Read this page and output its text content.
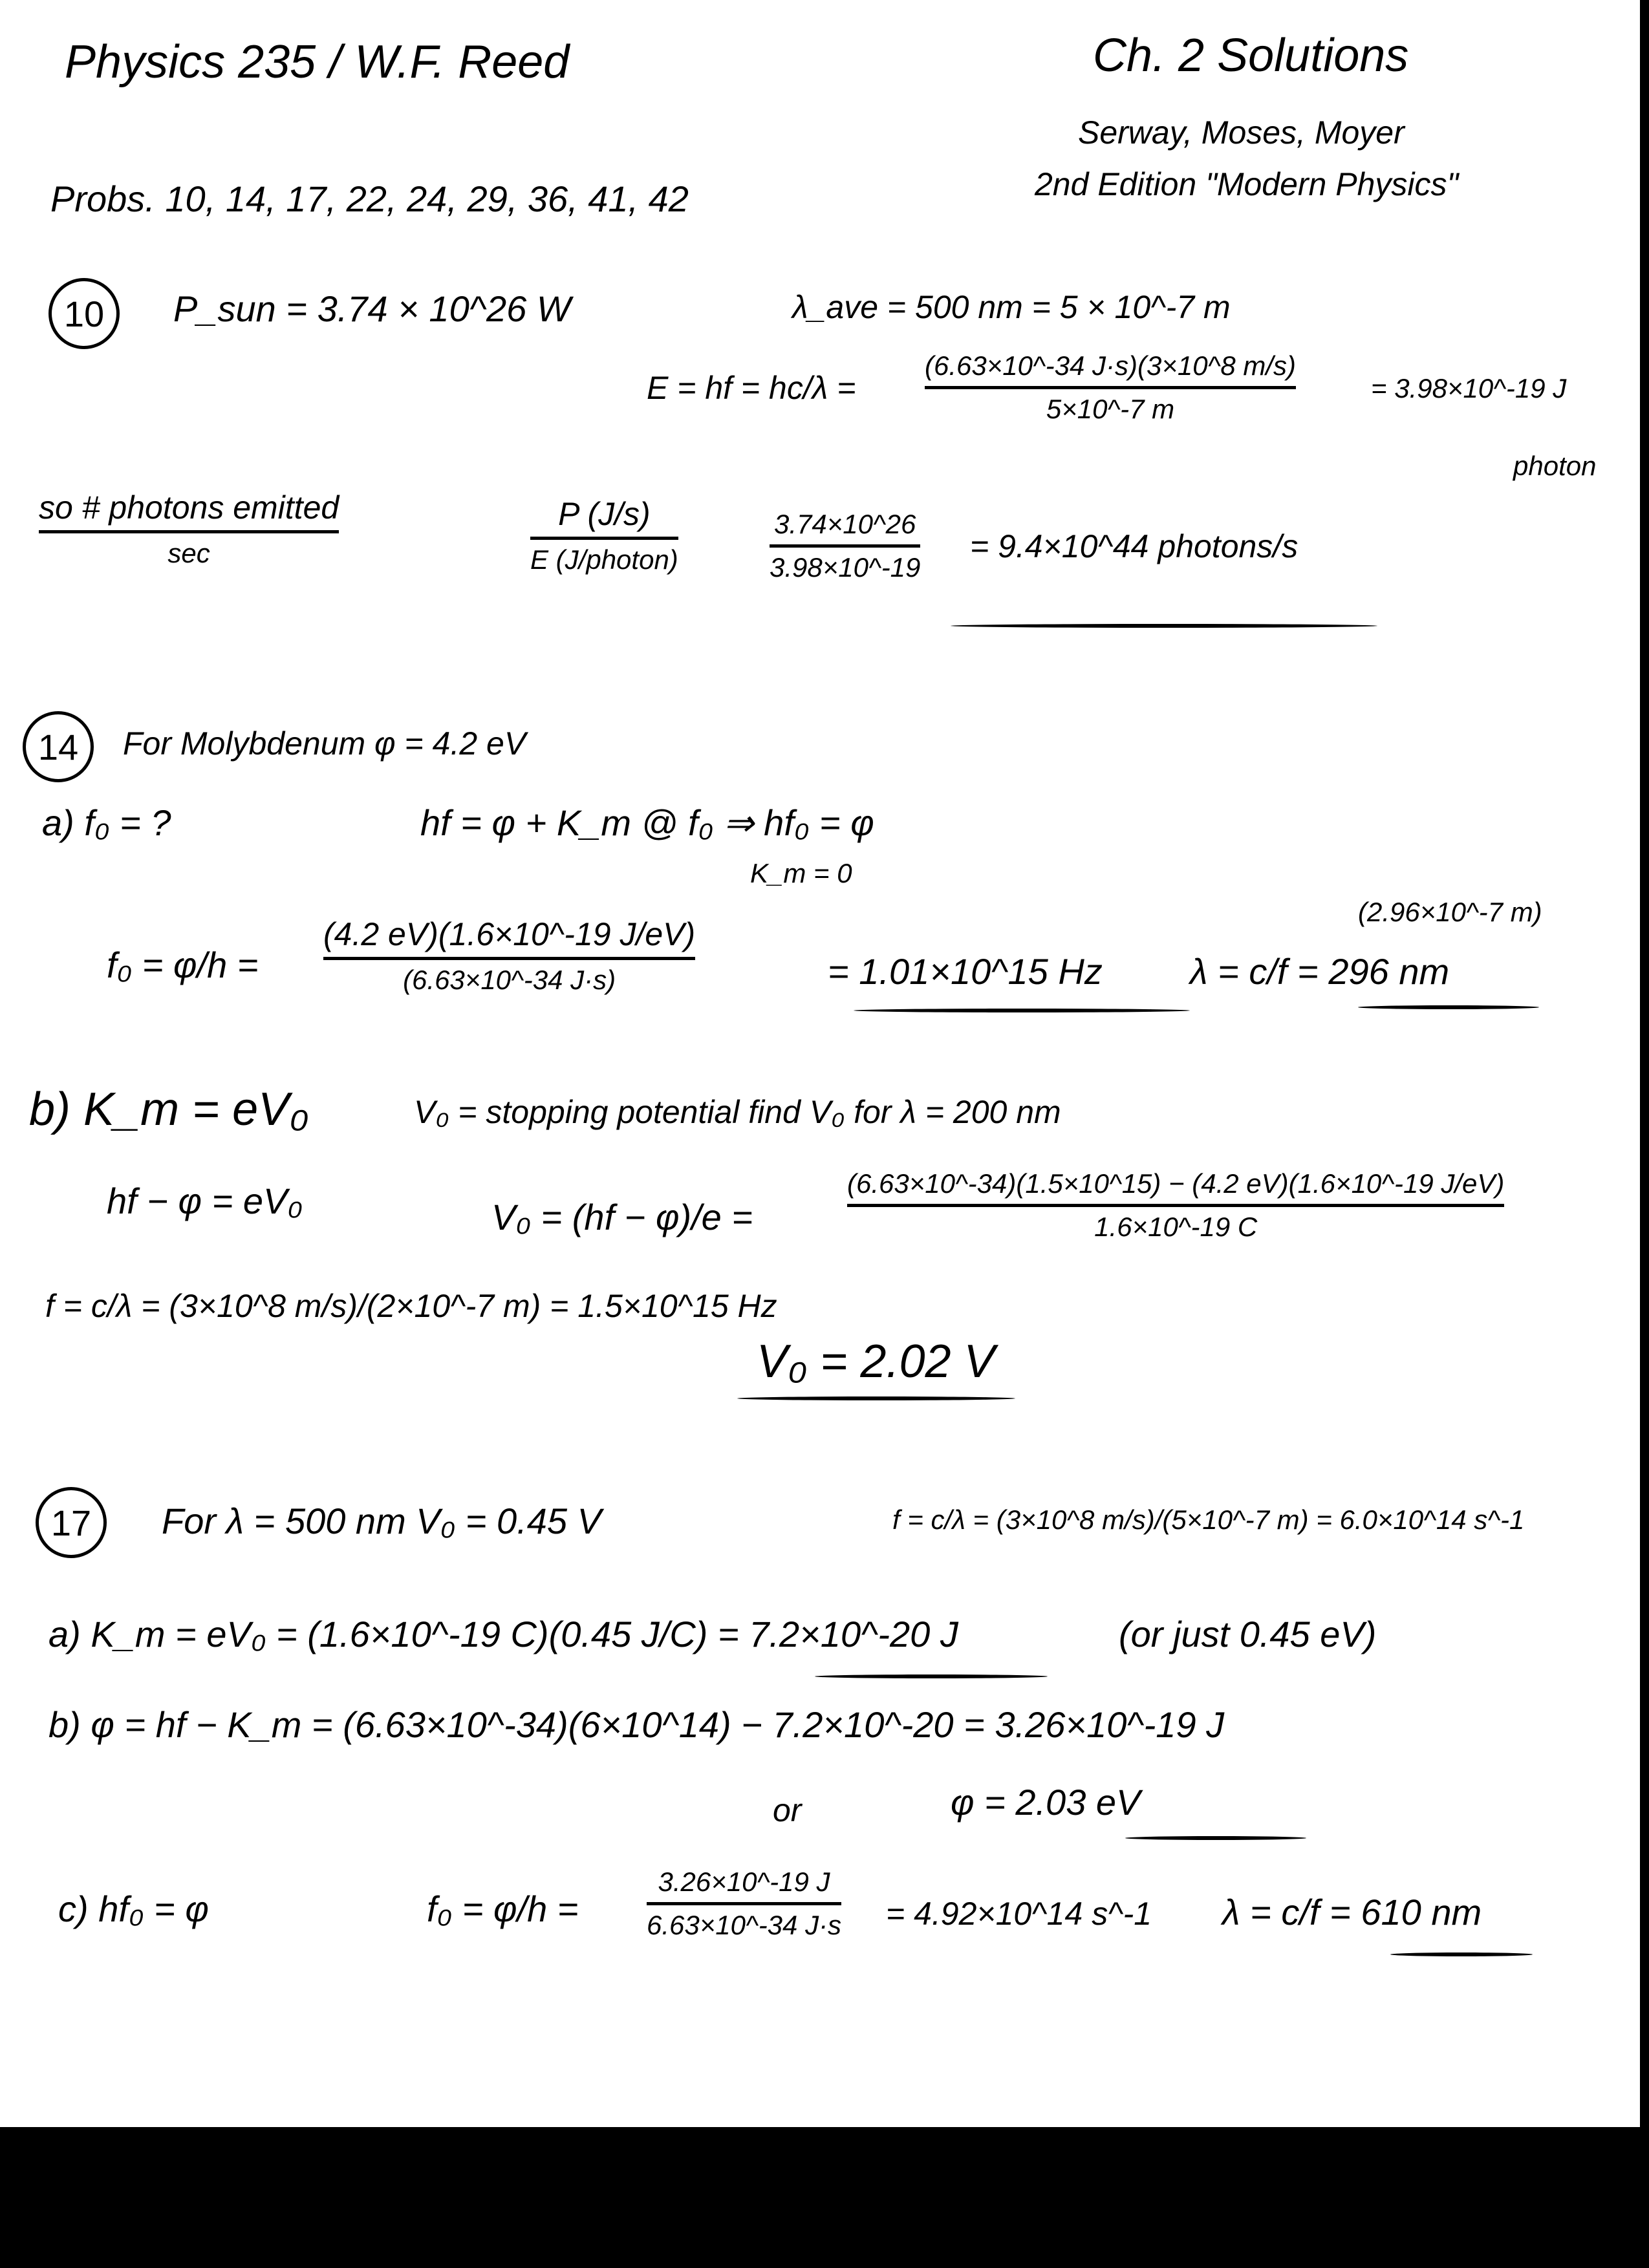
Physics 235 / W.F. Reed	Ch. 2 Solutions
Serway, Moses, Moyer
2nd Edition "Modern Physics"
Probs. 10, 14, 17, 22, 24, 29, 36, 41, 42
10	P_sun = 3.74 × 10^26 W	λ_ave = 500 nm = 5 × 10^-7 m
E = hf = hc/λ =
(6.63×10^-34 J·s)(3×10^8 m/s)
5×10^-7 m
= 3.98×10^-19 J
photon
so # photons emitted
sec
P (J/s)
E (J/photon)
3.74×10^26
3.98×10^-19
= 9.4×10^44 photons/s
14	For Molybdenum φ = 4.2 eV
a) f₀ = ?	hf = φ + K_m @ f₀ ⇒ hf₀ = φ
K_m = 0
f₀ = φ/h =
(4.2 eV)(1.6×10^-19 J/eV)
(6.63×10^-34 J·s)	= 1.01×10^15 Hz λ = c/f = 296 nm
(2.96×10^-7 m)
b) K_m = eV₀	V₀ = stopping potential find V₀ for λ = 200 nm
hf − φ = eV₀	V₀ = (hf − φ)/e =
(6.63×10^-34)(1.5×10^15) − (4.2 eV)(1.6×10^-19 J/eV)
1.6×10^-19 C
f = c/λ = (3×10^8 m/s)/(2×10^-7 m) = 1.5×10^15 Hz
V₀ = 2.02 V
17	For λ = 500 nm V₀ = 0.45 V	f = c/λ = (3×10^8 m/s)/(5×10^-7 m) = 6.0×10^14 s^-1
a) K_m = eV₀ = (1.6×10^-19 C)(0.45 J/C) = 7.2×10^-20 J	(or just 0.45 eV)
b) φ = hf − K_m = (6.63×10^-34)(6×10^14) − 7.2×10^-20 = 3.26×10^-19 J
or	φ = 2.03 eV
c) hf₀ = φ	f₀ = φ/h =
3.26×10^-19 J
6.63×10^-34 J·s = 4.92×10^14 s^-1 λ = c/f = 610 nm
